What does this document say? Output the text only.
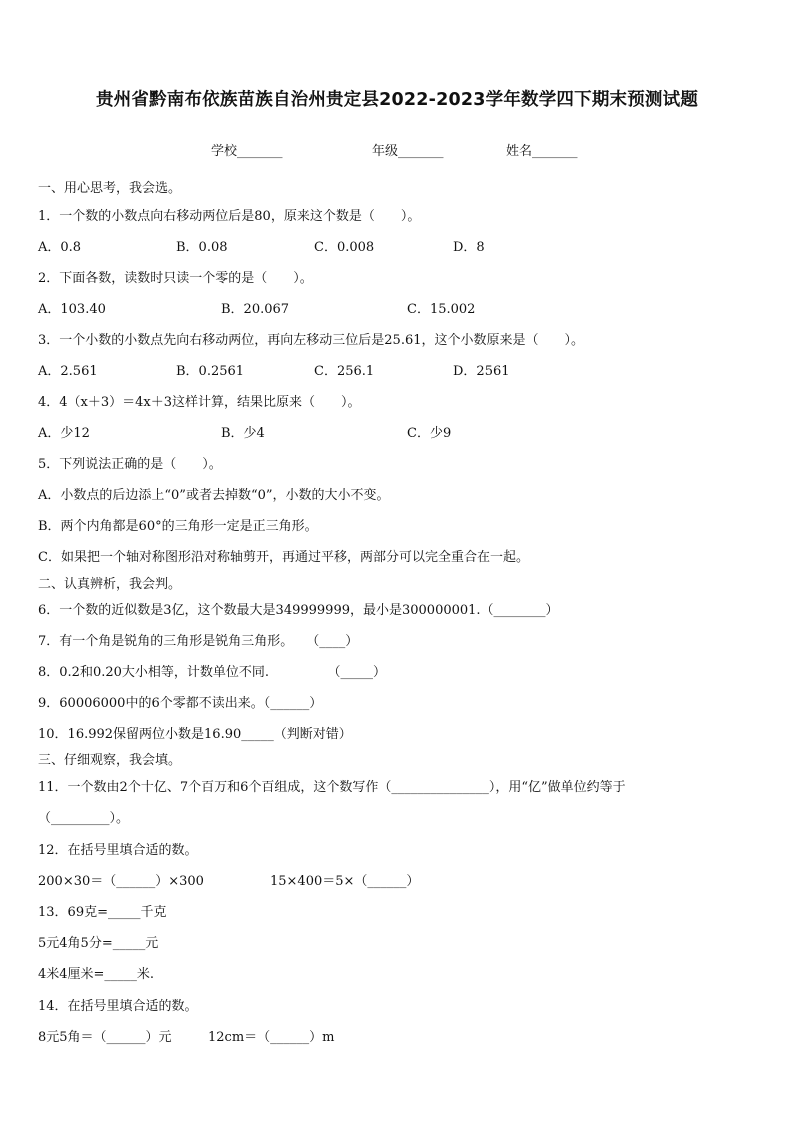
贵州省黔南布依族苗族自治州贵定县2022-2023学年数学四下期末预测试题
学校_______	年级_______	姓名_______
一、用心思考，我会选。
1．一个数的小数点向右移动两位后是80，原来这个数是（　　）。
A．0.8	B．0.08	C．0.008	D．8
2．下面各数，读数时只读一个零的是（　　）。
A．103.40	B．20.067	C．15.002
3．一个小数的小数点先向右移动两位，再向左移动三位后是25.61，这个小数原来是（　　）。
A．2.561	B．0.2561	C．256.1	D．2561
4．4（x＋3）＝4x＋3这样计算，结果比原来（　　）。
A．少12	B．少4	C．少9
5．下列说法正确的是（　　）。
A．小数点的后边添上“0”或者去掉数“0”，小数的大小不变。
B．两个内角都是60°的三角形一定是正三角形。
C．如果把一个轴对称图形沿对称轴剪开，再通过平移，两部分可以完全重合在一起。
二、认真辨析，我会判。
6．一个数的近似数是3亿，这个数最大是349999999，最小是300000001.（________）
7．有一个角是锐角的三角形是锐角三角形。　　（____）
8．0.2和0.20大小相等，计数单位不同.　　　　　（_____）
9．60006000中的6个零都不读出来。（______）
10．16.992保留两位小数是16.90_____（判断对错）
三、仔细观察，我会填。
11．一个数由2个十亿、7个百万和6个百组成，这个数写作（_______________），用“亿”做单位约等于
（_________）。
12．在括号里填合适的数。
200×30＝（______）×300	15×400＝5×（______）
13．69克=_____千克
5元4角5分=_____元
4米4厘米=_____米.
14．在括号里填合适的数。
8元5角＝（______）元	12cm＝（______）m
